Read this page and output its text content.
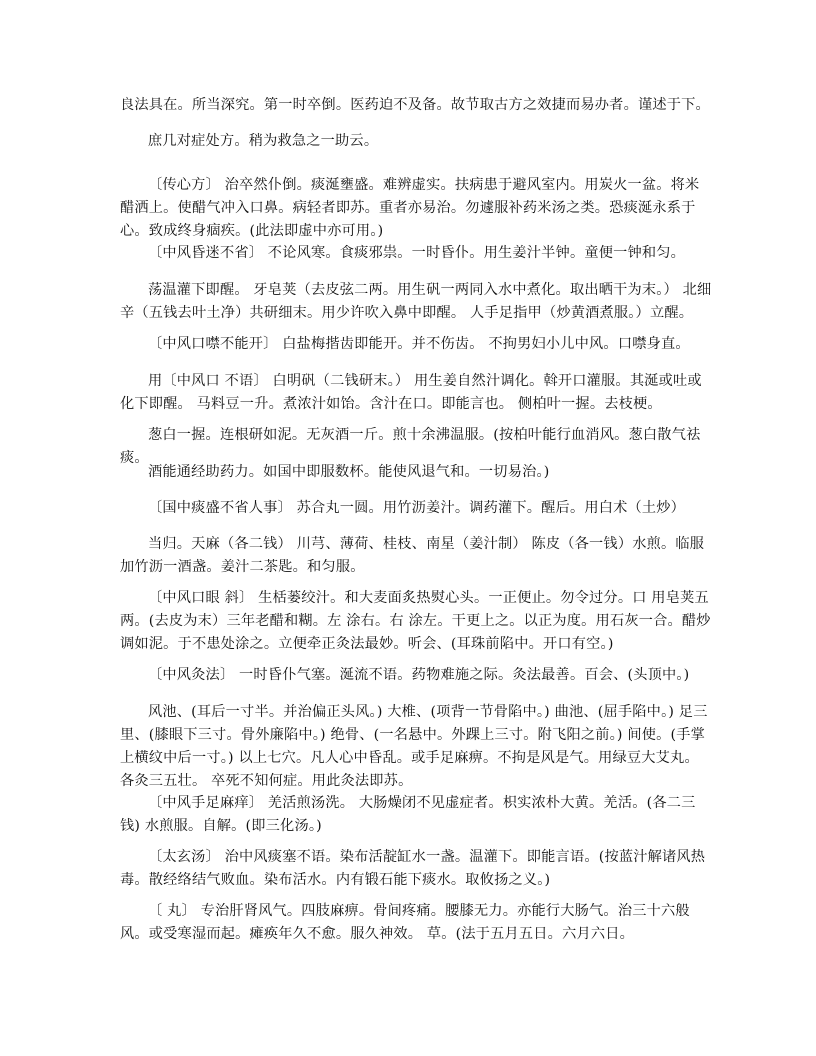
良法具在。所当深究。第一时卒倒。医药迫不及备。故节取古方之效捷而易办者。谨述于下。

庶几对症处方。稍为救急之一助云。

〔传心方〕 治卒然仆倒。痰涎壅盛。难辨虚实。扶病患于避风室内。用炭火一盆。将米醋洒上。使醋气冲入口鼻。病轻者即苏。重者亦易治。勿遽服补药米汤之类。恐痰涎永系于心。致成终身痼疾。(此法即虚中亦可用。)

〔中风昏迷不省〕 不论风寒。食痰邪祟。一时昏仆。用生姜汁半钟。童便一钟和匀。

荡温灌下即醒。 牙皂荚（去皮弦二两。用生矾一两同入水中煮化。取出晒干为末。） 北细辛（五钱去叶土净）共研细末。用少许吹入鼻中即醒。 人手足指甲（炒黄酒煮服。）立醒。

〔中风口噤不能开〕 白盐梅揩齿即能开。并不伤齿。 不拘男妇小儿中风。口噤身直。

用〔中风口 不语〕 白明矾（二钱研末。） 用生姜自然汁调化。斡开口灌服。其涎或吐或化下即醒。 马料豆一升。煮浓汁如饴。含汁在口。即能言也。 侧柏叶一握。去枝梗。

葱白一握。连根研如泥。无灰酒一斤。煎十余沸温服。(按柏叶能行血消风。葱白散气祛痰。

酒能通经助药力。如国中即服数杯。能使风退气和。一切易治。)

〔国中痰盛不省人事〕 苏合丸一圆。用竹沥姜汁。调药灌下。醒后。用白术（土炒）

当归。天麻（各二钱） 川芎、薄荷、桂枝、南星（姜汁制） 陈皮（各一钱）水煎。临服加竹沥一酒盏。姜汁二茶匙。和匀服。

〔中风口眼 斜〕 生栝蒌绞汁。和大麦面炙热熨心头。一正便止。勿令过分。口 用皂荚五两。(去皮为末）三年老醋和糊。左 涂右。右 涂左。干更上之。以正为度。用石灰一合。醋炒调如泥。于不患处涂之。立便牵正灸法最妙。听会、(耳珠前陷中。开口有空。)

〔中风灸法〕 一时昏仆气塞。涎流不语。药物难施之际。灸法最善。百会、(头顶中。)

风池、(耳后一寸半。并治偏正头风。) 大椎、(项背一节骨陷中。) 曲池、(屈手陷中。) 足三里、(膝眼下三寸。骨外廉陷中。) 绝骨、(一名悬中。外踝上三寸。附飞阳之前。) 间使。(手掌上横纹中后一寸。) 以上七穴。凡人心中昏乱。或手足麻痹。不拘是风是气。用绿豆大艾丸。各灸三五壮。 卒死不知何症。用此灸法即苏。

〔中风手足麻痒〕 羌活煎汤洗。 大肠燥闭不见虚症者。枳实浓朴大黄。羌活。(各二三钱) 水煎服。自解。(即三化汤。)

〔太玄汤〕 治中风痰塞不语。染布活靛缸水一盏。温灌下。即能言语。(按蓝汁解诸风热毒。散经络结气败血。染布活水。内有锻石能下痰水。取攸扬之义。)

〔 丸〕 专治肝肾风气。四肢麻痹。骨间疼痛。腰膝无力。亦能行大肠气。治三十六般风。或受寒湿而起。瘫痪年久不愈。服久神效。 草。(法于五月五日。六月六日。
